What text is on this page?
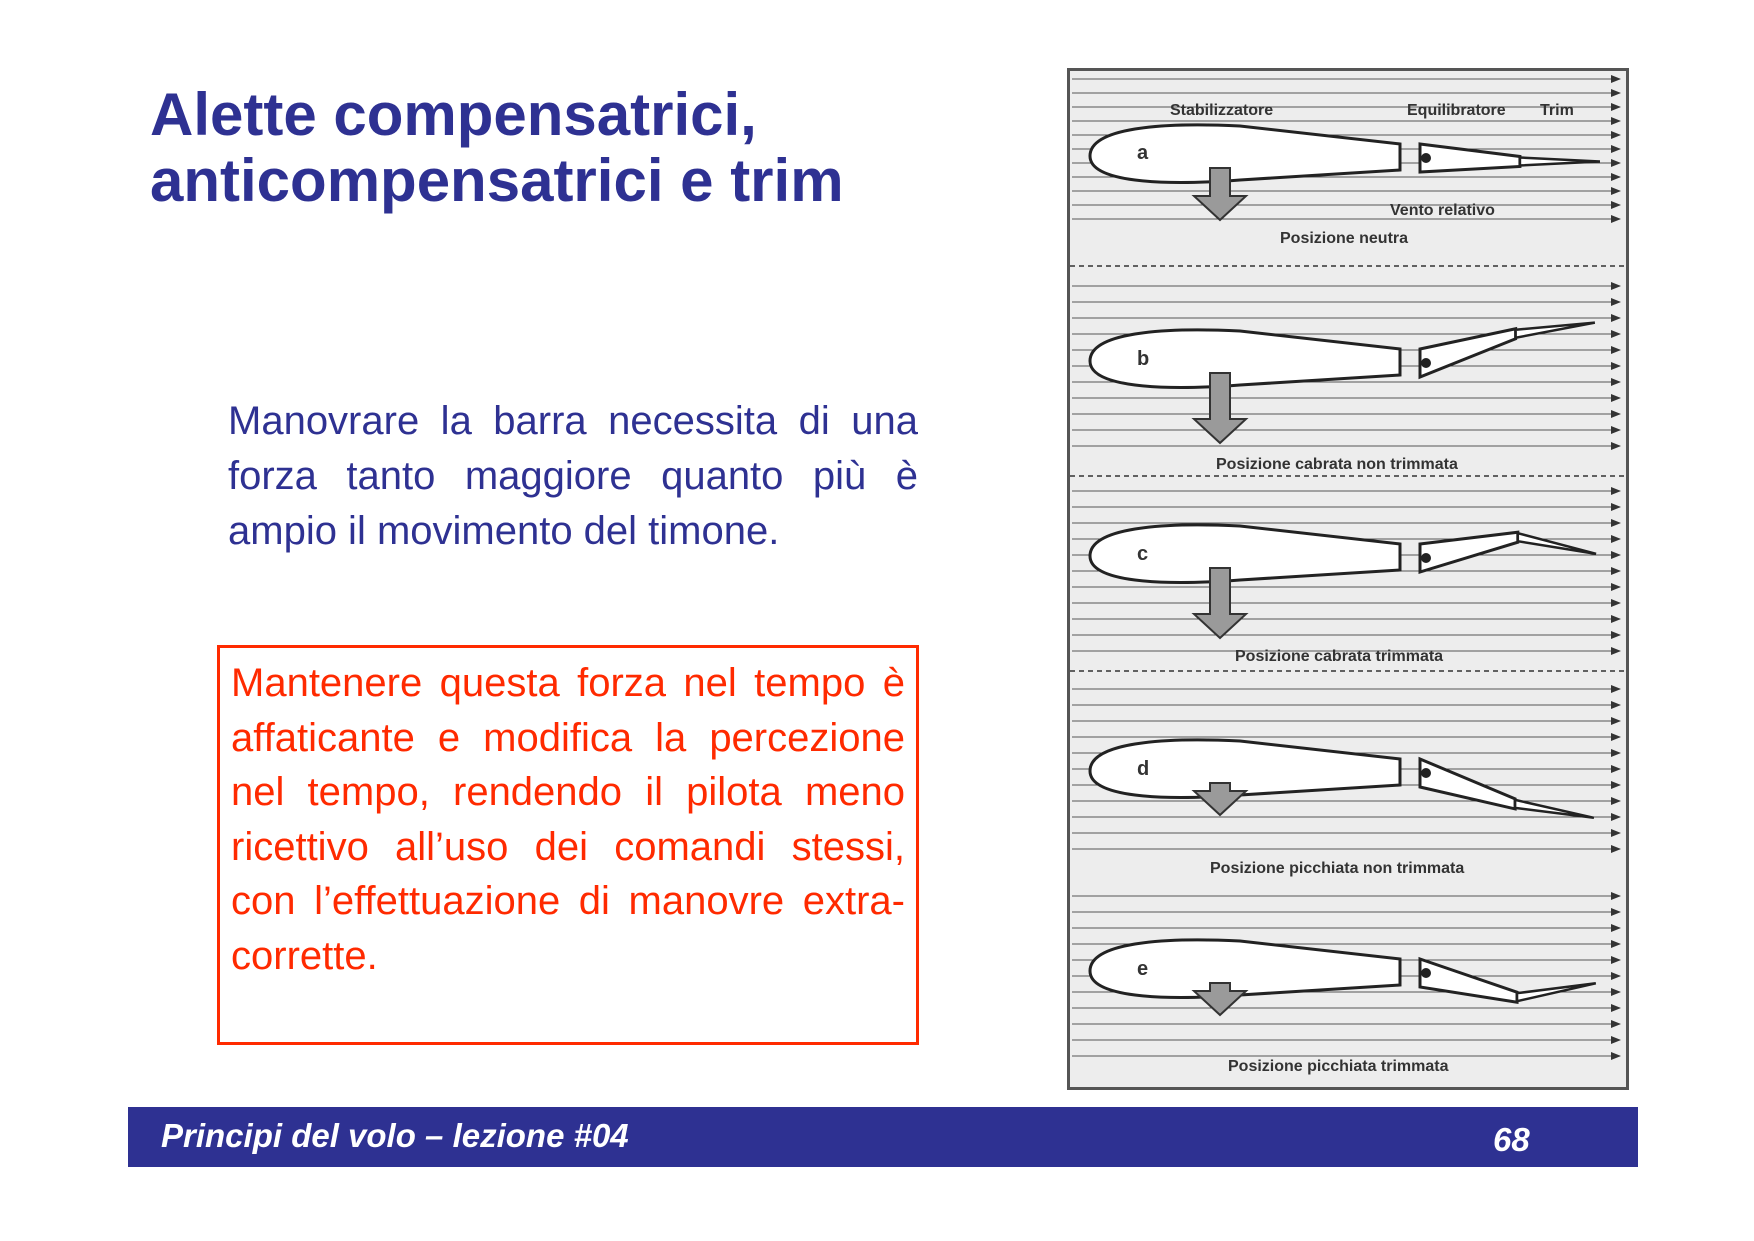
Alette compensatrici,
anticompensatrici e trim

Manovrare la barra necessita di una forza tanto maggiore quanto più è ampio il movimento del timone.

Mantenere questa forza nel tempo è affaticante e modifica la percezione nel tempo, rendendo il pilota meno ricettivo all’uso dei comandi stessi, con l’effettuazione di manovre extra-corrette.

Stabilizzatore	Equilibratore Trim
a
Vento relativo
Posizione neutra
b
Posizione cabrata non trimmata
c
Posizione cabrata trimmata
d
Posizione picchiata non trimmata
e
Posizione picchiata trimmata
Principi del volo – lezione #04	68
